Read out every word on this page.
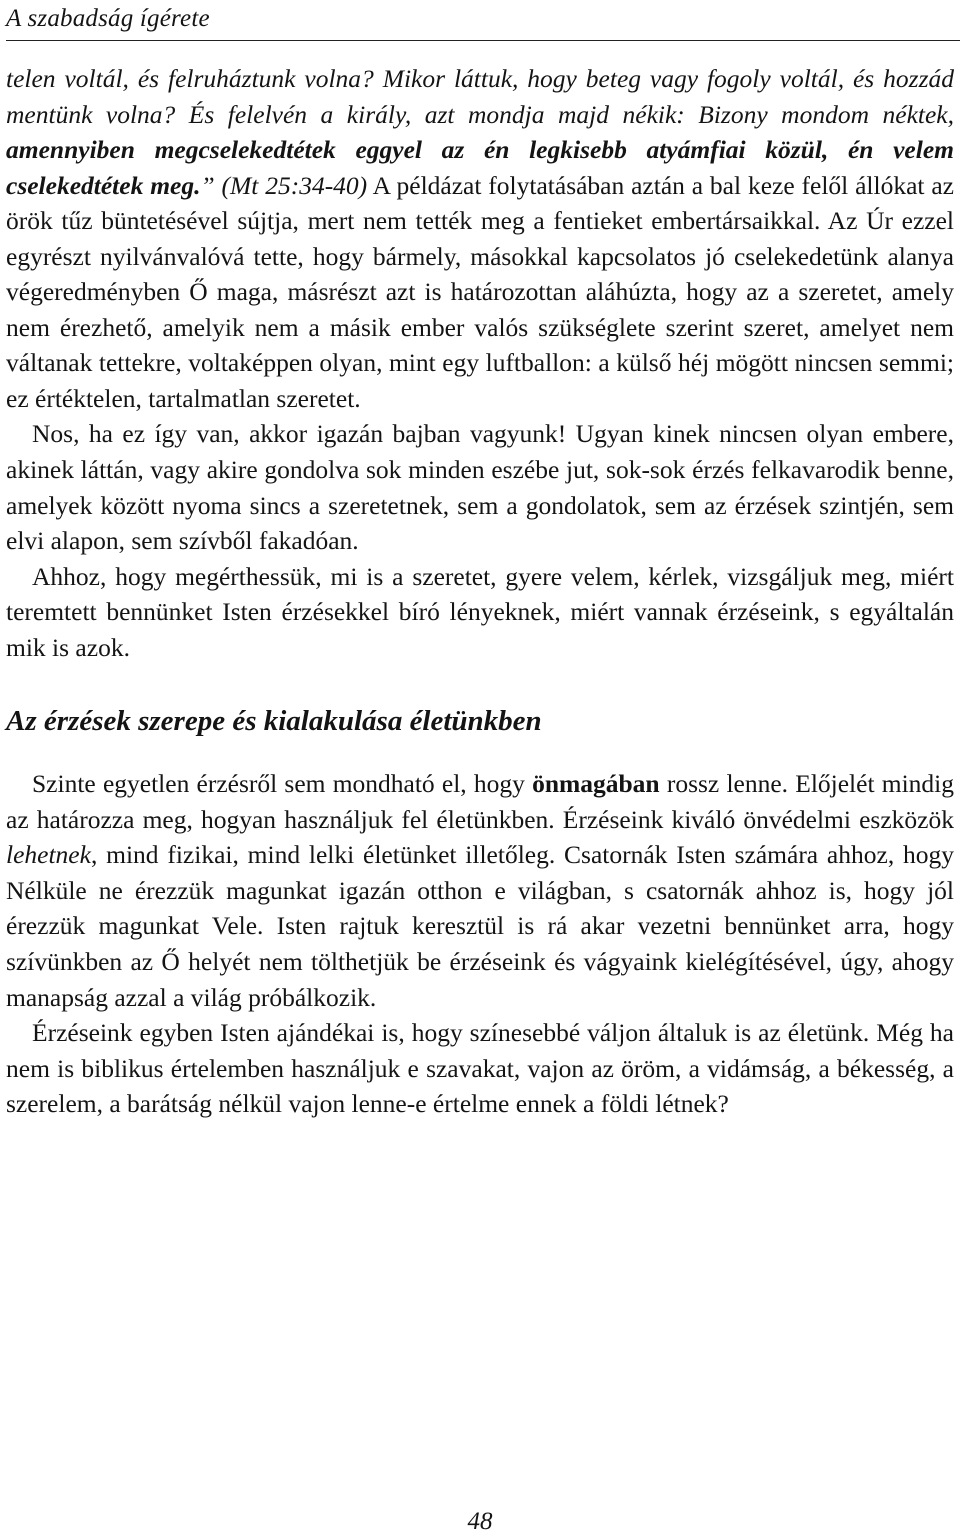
A szabadság ígérete

telen voltál, és felruháztunk volna? Mikor láttuk, hogy beteg vagy fogoly voltál, és hozzád mentünk volna? És felelvén a király, azt mondja majd nékik: Bizony mondom néktek, amennyiben megcselekedtétek eggyel az én legkisebb atyámfiai közül, én velem cselekedtétek meg.” (Mt 25:34-40) A példázat folytatásában aztán a bal keze felől állókat az örök tűz büntetésével sújtja, mert nem tették meg a fentieket embertársaikkal. Az Úr ezzel egyrészt nyilvánvalóvá tette, hogy bármely, másokkal kapcsolatos jó cselekedetünk alanya végeredményben Ő maga, másrészt azt is határozottan aláhúzta, hogy az a szeretet, amely nem érezhető, amelyik nem a másik ember valós szükséglete szerint szeret, amelyet nem váltanak tettekre, voltaképpen olyan, mint egy luftballon: a külső héj mögött nincsen semmi; ez értéktelen, tartalmatlan szeretet.

Nos, ha ez így van, akkor igazán bajban vagyunk! Ugyan kinek nincsen olyan embere, akinek láttán, vagy akire gondolva sok minden eszébe jut, sok-sok érzés felkavarodik benne, amelyek között nyoma sincs a szeretetnek, sem a gondolatok, sem az érzések szintjén, sem elvi alapon, sem szívből fakadóan.

Ahhoz, hogy megérthessük, mi is a szeretet, gyere velem, kérlek, vizsgáljuk meg, miért teremtett bennünket Isten érzésekkel bíró lényeknek, miért vannak érzéseink, s egyáltalán mik is azok.

Az érzések szerepe és kialakulása életünkben

Szinte egyetlen érzésről sem mondható el, hogy önmagában rossz lenne. Előjelét mindig az határozza meg, hogyan használjuk fel életünkben. Érzéseink kiváló önvédelmi eszközök lehetnek, mind fizikai, mind lelki életünket illetőleg. Csatornák Isten számára ahhoz, hogy Nélküle ne érezzük magunkat igazán otthon e világban, s csatornák ahhoz is, hogy jól érezzük magunkat Vele. Isten rajtuk keresztül is rá akar vezetni bennünket arra, hogy szívünkben az Ő helyét nem tölthetjük be érzéseink és vágyaink kielégítésével, úgy, ahogy manapság azzal a világ próbálkozik.

Érzéseink egyben Isten ajándékai is, hogy színesebbé váljon általuk is az életünk. Még ha nem is biblikus értelemben használjuk e szavakat, vajon az öröm, a vidámság, a békesség, a szerelem, a barátság nélkül vajon lenne-e értelme ennek a földi létnek?

48
